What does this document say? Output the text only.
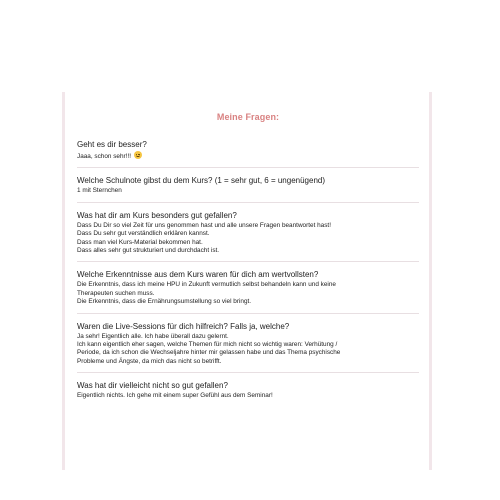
Meine Fragen:
Geht es dir besser?
Jaaa, schon sehr!!!
Welche Schulnote gibst du dem Kurs? (1 = sehr gut, 6 = ungenügend)
1 mit Sternchen
Was hat dir am Kurs besonders gut gefallen?
Dass Du Dir so viel Zeit für uns genommen hast und alle unsere Fragen beantwortet hast!
Dass Du sehr gut verständlich erklären kannst.
Dass man viel Kurs-Material bekommen hat.
Dass alles sehr gut strukturiert und durchdacht ist.
Welche Erkenntnisse aus dem Kurs waren für dich am wertvollsten?
Die Erkenntnis, dass ich meine HPU in Zukunft vermutlich selbst behandeln kann und keine
Therapeuten suchen muss.
Die Erkenntnis, dass die Ernährungsumstellung so viel bringt.
Waren die Live-Sessions für dich hilfreich? Falls ja, welche?
Ja sehr! Eigentlich alle. Ich habe überall dazu gelernt.
Ich kann eigentlich eher sagen, welche Themen für mich nicht so wichtig waren: Verhütung /
Periode, da ich schon die Wechseljahre hinter mir gelassen habe und das Thema psychische
Probleme und Ängste, da mich das nicht so betrifft.
Was hat dir vielleicht nicht so gut gefallen?
Eigentlich nichts. Ich gehe mit einem super Gefühl aus dem Seminar!
